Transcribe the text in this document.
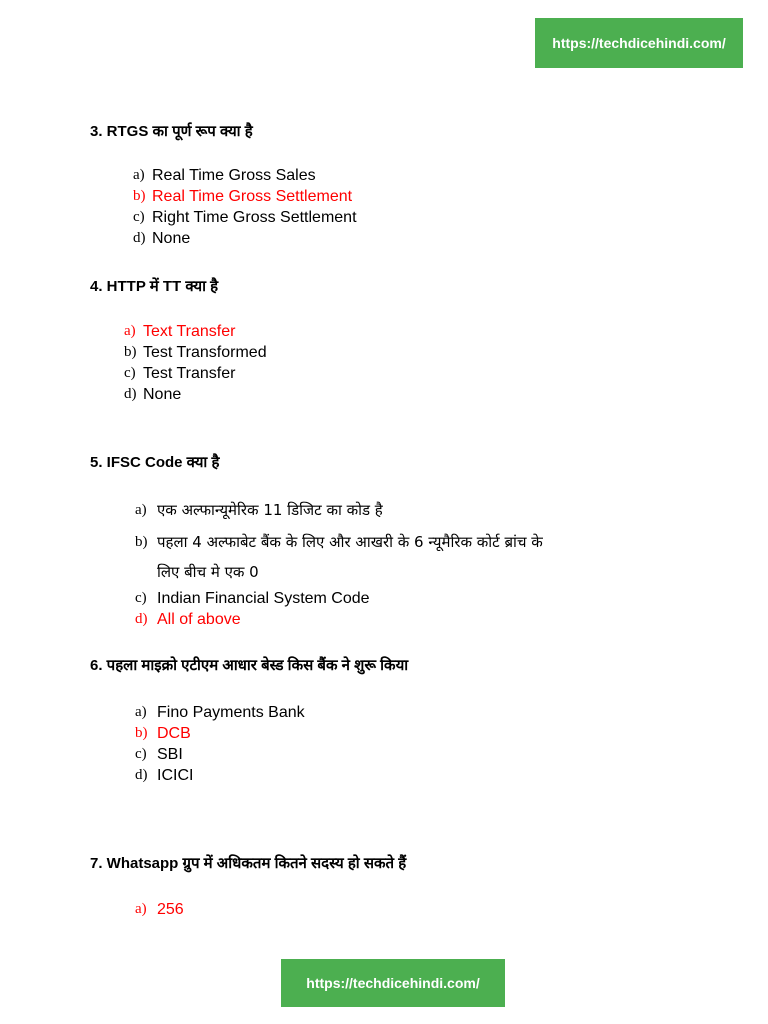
https://techdicehindi.com/
3. RTGS का पूर्ण रूप क्या है
a) Real Time Gross Sales
b) Real Time Gross Settlement
c) Right Time Gross Settlement
d) None
4. HTTP में TT क्या है
a) Text Transfer
b) Test Transformed
c) Test Transfer
d) None
5. IFSC Code क्या है
a) एक अल्फान्यूमेरिक 11 डिजिट का कोड है
b) पहला 4 अल्फाबेट बैंक के लिए और आखरी के 6 न्यूमैरिक कोर्ट ब्रांच के
लिए बीच मे एक 0
c) Indian Financial System Code
d) All of above
6. पहला माइक्रो एटीएम आधार बेस्ड किस बैंक ने शुरू किया
a) Fino Payments Bank
b) DCB
c) SBI
d) ICICI
7. Whatsapp ग्रुप में अधिकतम कितने सदस्य हो सकते हैं
a) 256
https://techdicehindi.com/
